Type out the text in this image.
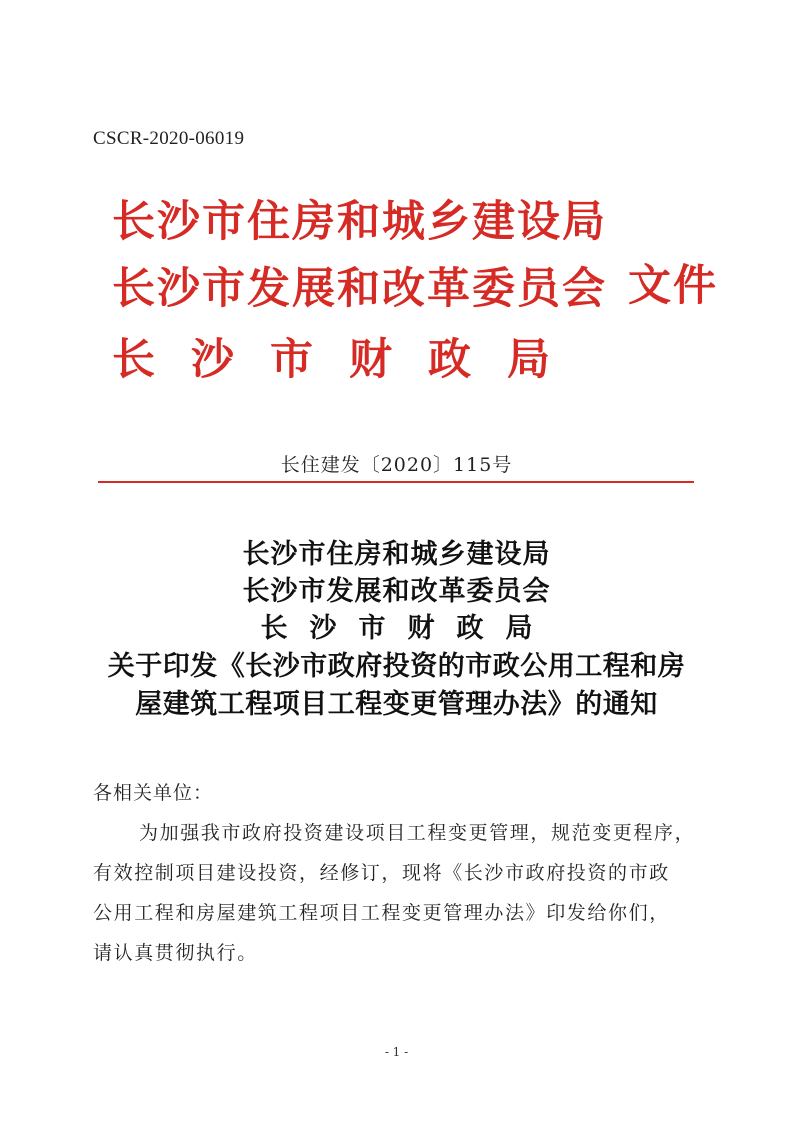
CSCR-2020-06019
长沙市住房和城乡建设局
长沙市发展和改革委员会
长沙市财政局
文件
长住建发〔2020〕115号
长沙市住房和城乡建设局
长沙市发展和改革委员会
长沙市财政局
关于印发《长沙市政府投资的市政公用工程和房
屋建筑工程项目工程变更管理办法》的通知
各相关单位：
为加强我市政府投资建设项目工程变更管理，规范变更程序，
有效控制项目建设投资，经修订，现将《长沙市政府投资的市政
公用工程和房屋建筑工程项目工程变更管理办法》印发给你们，
请认真贯彻执行。
- 1 -
